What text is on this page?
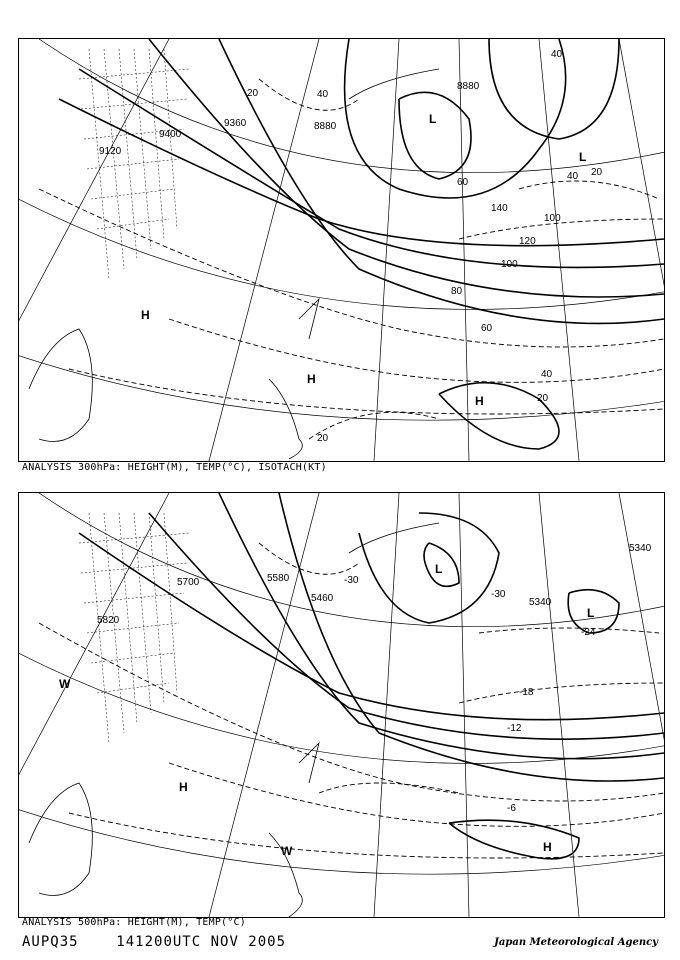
9120
9360
9400
8880
8880
20	40
40
60
40 20
140
100
120
100
80
60
40
20
20
H
H
H
L
L
ANALYSIS 300hPa: HEIGHT(M), TEMP(°C), ISOTACH(KT)
5820
5700	5580
5460	5340
5340
-30
-30
-18
-12
-6
-24
L
L
H
H
W
W
ANALYSIS 500hPa: HEIGHT(M), TEMP(°C)
AUPQ35	141200UTC NOV 2005	Japan Meteorological Agency
